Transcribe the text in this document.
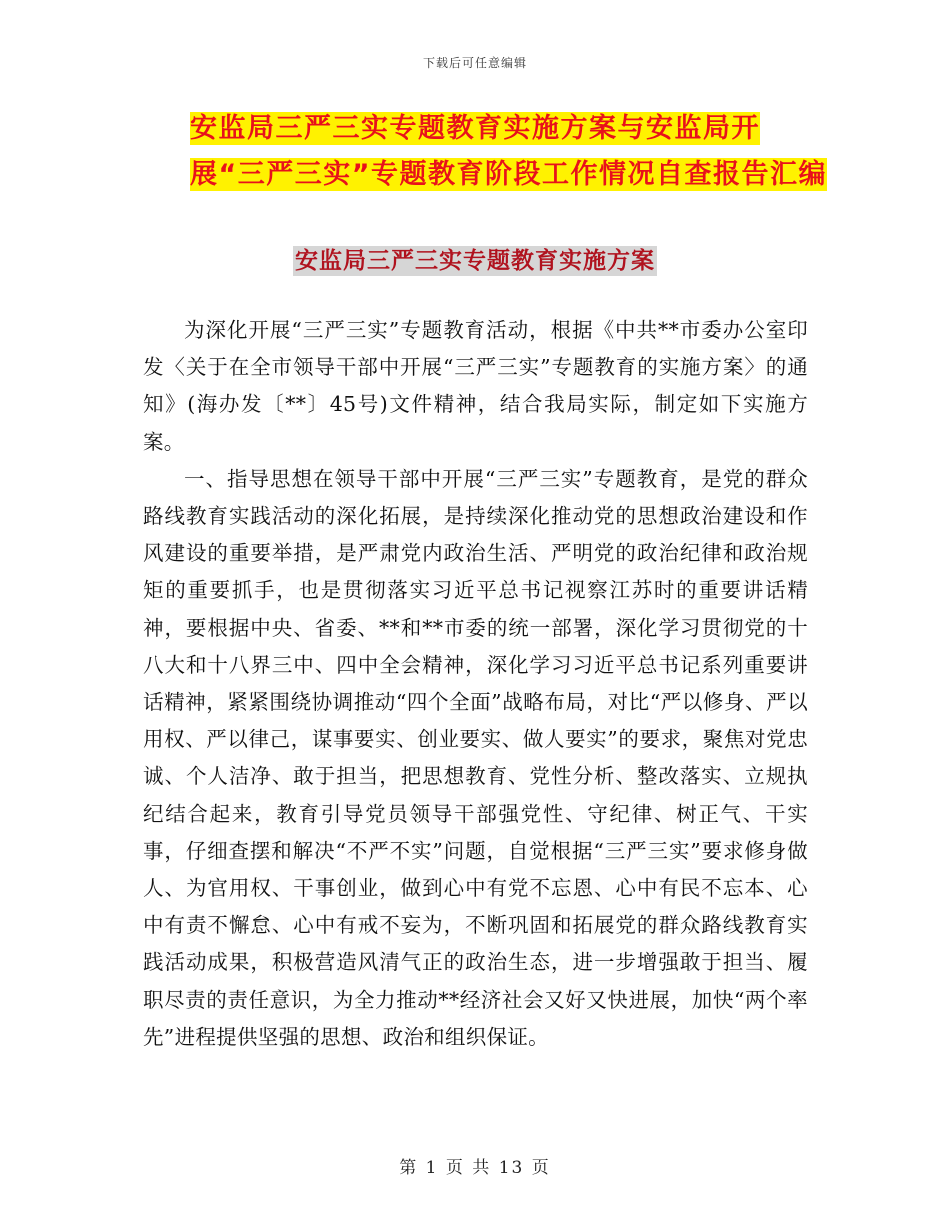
下载后可任意编辑
安监局三严三实专题教育实施方案与安监局开展“三严三实”专题教育阶段工作情况自查报告汇编
安监局三严三实专题教育实施方案

为深化开展“三严三实”专题教育活动，根据《中共**市委办公室印发〈关于在全市领导干部中开展“三严三实”专题教育的实施方案〉的通知》(海办发〔**〕45号)文件精神，结合我局实际，制定如下实施方案。

一、指导思想在领导干部中开展“三严三实”专题教育，是党的群众路线教育实践活动的深化拓展，是持续深化推动党的思想政治建设和作风建设的重要举措，是严肃党内政治生活、严明党的政治纪律和政治规矩的重要抓手，也是贯彻落实习近平总书记视察江苏时的重要讲话精神，要根据中央、省委、**和**市委的统一部署，深化学习贯彻党的十八大和十八界三中、四中全会精神，深化学习习近平总书记系列重要讲话精神，紧紧围绕协调推动“四个全面”战略布局，对比“严以修身、严以用权、严以律己，谋事要实、创业要实、做人要实”的要求，聚焦对党忠诚、个人洁净、敢于担当，把思想教育、党性分析、整改落实、立规执纪结合起来，教育引导党员领导干部强党性、守纪律、树正气、干实事，仔细查摆和解决“不严不实”问题，自觉根据“三严三实”要求修身做人、为官用权、干事创业，做到心中有党不忘恩、心中有民不忘本、心中有责不懈怠、心中有戒不妄为，不断巩固和拓展党的群众路线教育实践活动成果，积极营造风清气正的政治生态，进一步增强敢于担当、履职尽责的责任意识，为全力推动**经济社会又好又快进展，加快“两个率先”进程提供坚强的思想、政治和组织保证。

第 1 页 共 13 页
